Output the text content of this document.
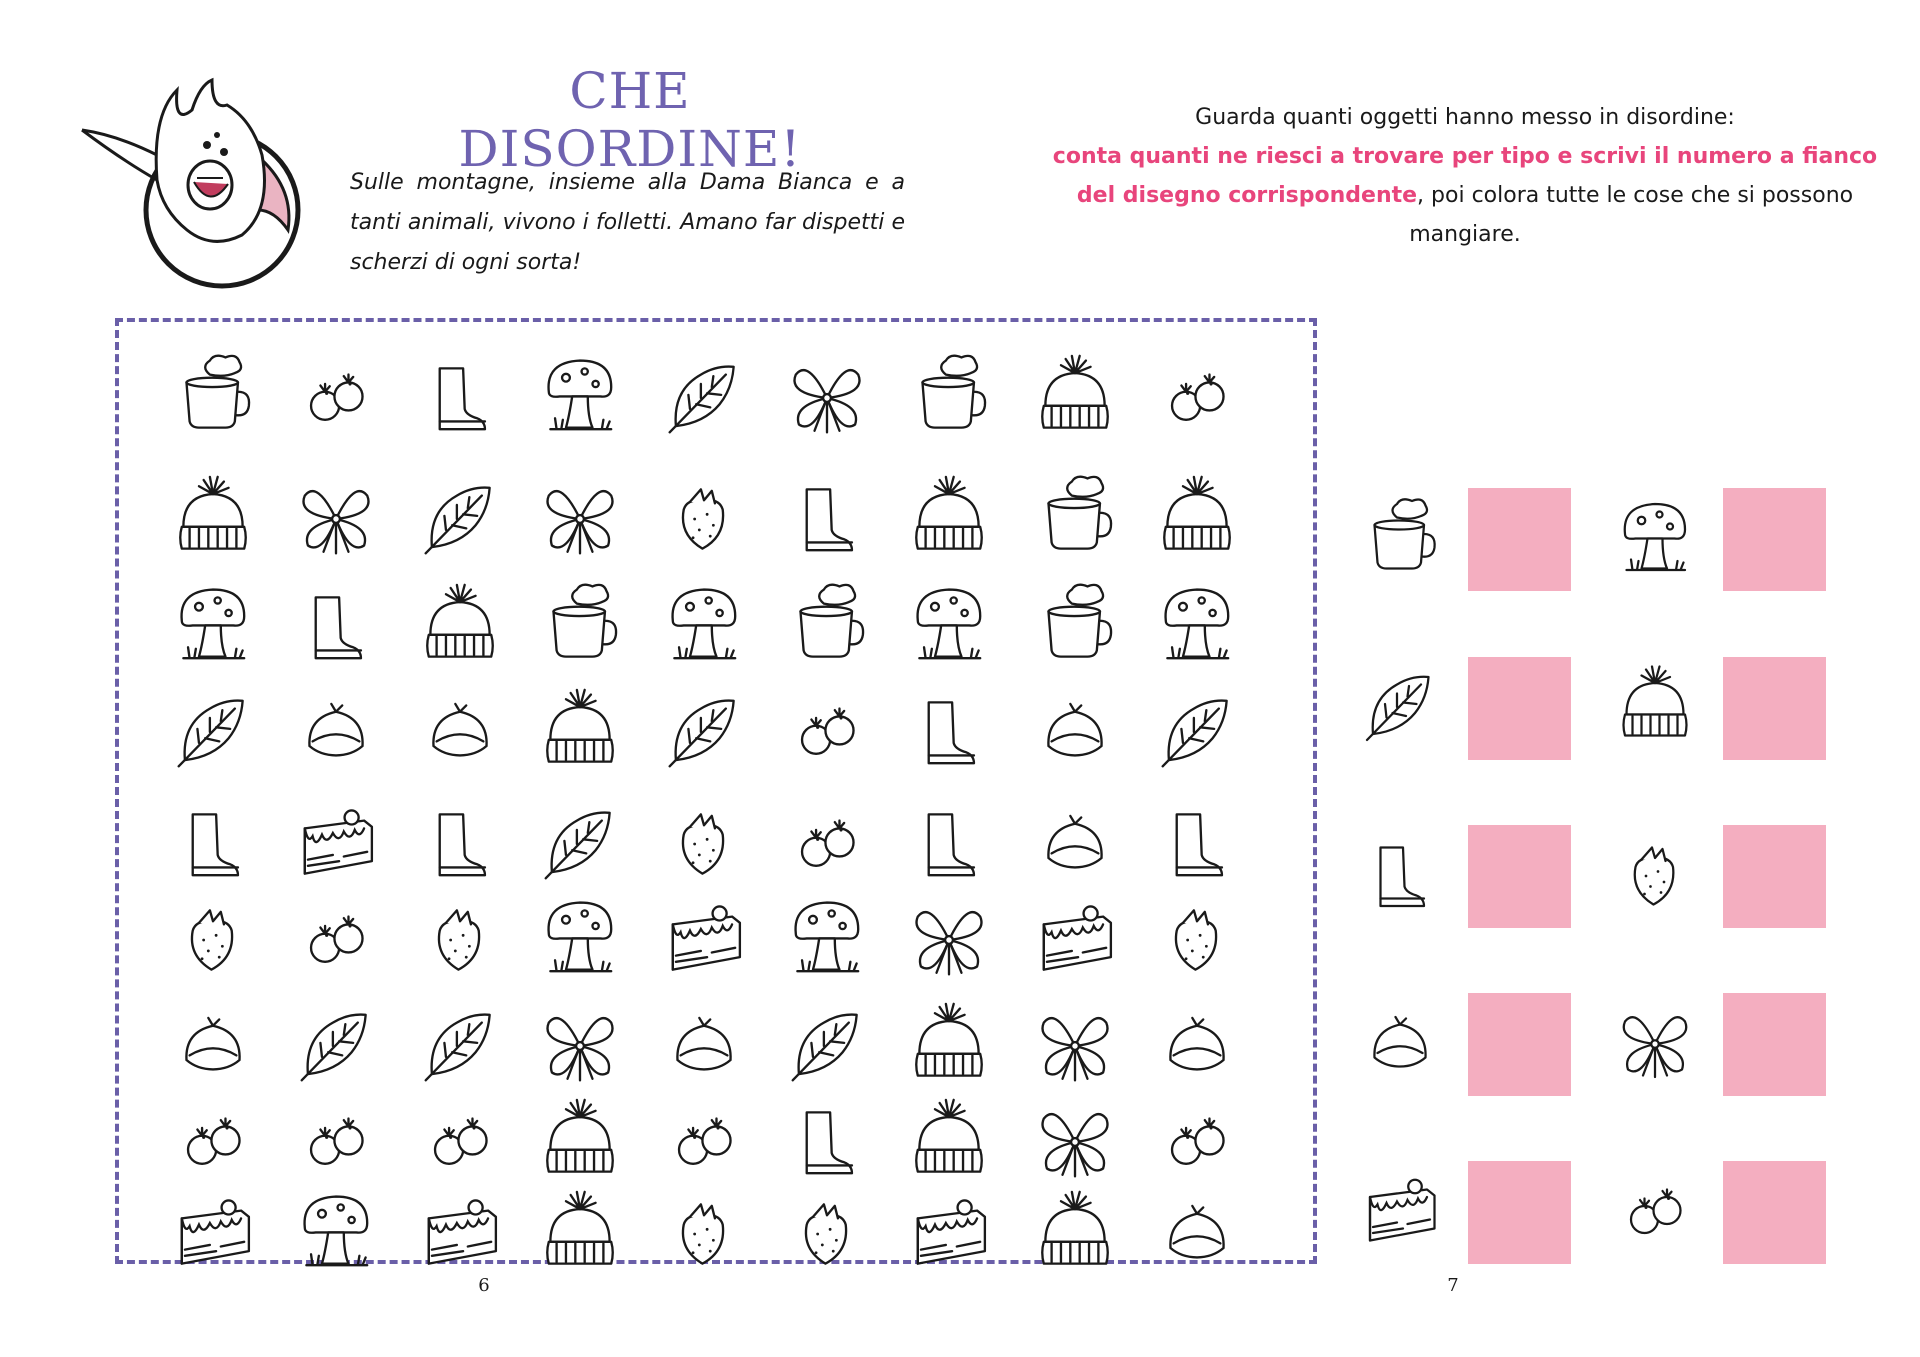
CHE DISORDINE!

Sulle montagne, insieme alla Dama Bianca e a tanti animali, vivono i folletti. Amano far dispetti e scherzi di ogni sorta!

Guarda quanti oggetti hanno messo in disordine:
conta quanti ne riesci a trovare per tipo e scrivi il numero a fianco del disegno corrispondente, poi colora tutte le cose che si possono mangiare.

6	7
